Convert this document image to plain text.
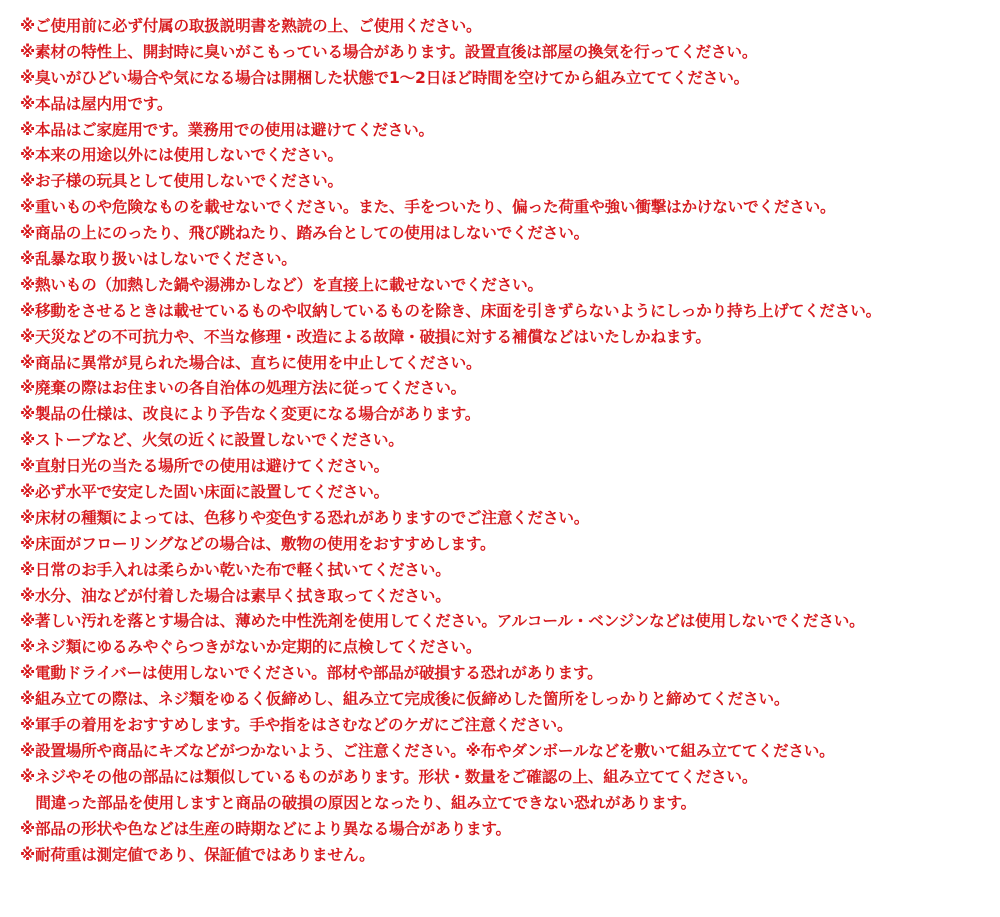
※ご使用前に必ず付属の取扱説明書を熟読の上、ご使用ください。
※素材の特性上、開封時に臭いがこもっている場合があります。設置直後は部屋の換気を行ってください。
※臭いがひどい場合や気になる場合は開梱した状態で1〜2日ほど時間を空けてから組み立ててください。
※本品は屋内用です。
※本品はご家庭用です。業務用での使用は避けてください。
※本来の用途以外には使用しないでください。
※お子様の玩具として使用しないでください。
※重いものや危険なものを載せないでください。また、手をついたり、偏った荷重や強い衝撃はかけないでください。
※商品の上にのったり、飛び跳ねたり、踏み台としての使用はしないでください。
※乱暴な取り扱いはしないでください。
※熱いもの（加熱した鍋や湯沸かしなど）を直接上に載せないでください。
※移動をさせるときは載せているものや収納しているものを除き、床面を引きずらないようにしっかり持ち上げてください。
※天災などの不可抗力や、不当な修理・改造による故障・破損に対する補償などはいたしかねます。
※商品に異常が見られた場合は、直ちに使用を中止してください。
※廃棄の際はお住まいの各自治体の処理方法に従ってください。
※製品の仕様は、改良により予告なく変更になる場合があります。
※ストーブなど、火気の近くに設置しないでください。
※直射日光の当たる場所での使用は避けてください。
※必ず水平で安定した固い床面に設置してください。
※床材の種類によっては、色移りや変色する恐れがありますのでご注意ください。
※床面がフローリングなどの場合は、敷物の使用をおすすめします。
※日常のお手入れは柔らかい乾いた布で軽く拭いてください。
※水分、油などが付着した場合は素早く拭き取ってください。
※著しい汚れを落とす場合は、薄めた中性洗剤を使用してください。アルコール・ベンジンなどは使用しないでください。
※ネジ類にゆるみやぐらつきがないか定期的に点検してください。
※電動ドライバーは使用しないでください。部材や部品が破損する恐れがあります。
※組み立ての際は、ネジ類をゆるく仮締めし、組み立て完成後に仮締めした箇所をしっかりと締めてください。
※軍手の着用をおすすめします。手や指をはさむなどのケガにご注意ください。
※設置場所や商品にキズなどがつかないよう、ご注意ください。※布やダンボールなどを敷いて組み立ててください。
※ネジやその他の部品には類似しているものがあります。形状・数量をご確認の上、組み立ててください。
　間違った部品を使用しますと商品の破損の原因となったり、組み立てできない恐れがあります。
※部品の形状や色などは生産の時期などにより異なる場合があります。
※耐荷重は測定値であり、保証値ではありません。
